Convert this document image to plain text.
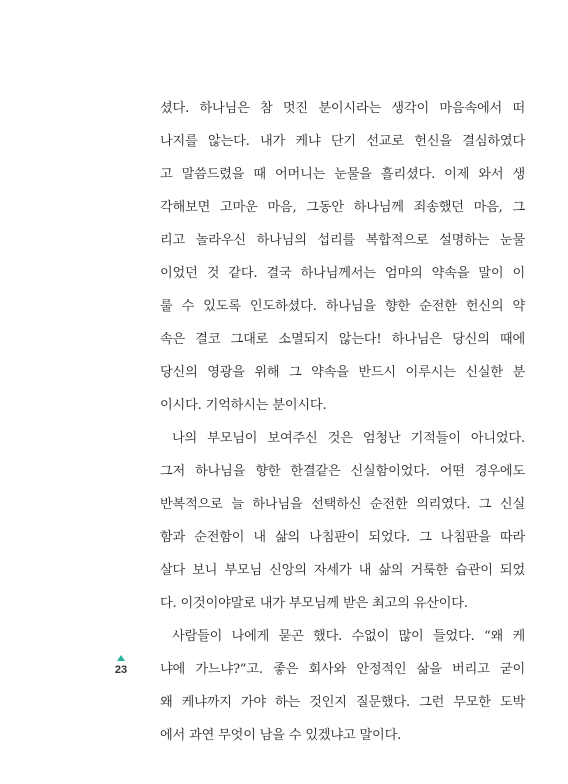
셨다. 하나님은 참 멋진 분이시라는 생각이 마음속에서 떠
나지를 않는다. 내가 케냐 단기 선교로 헌신을 결심하였다
고 말씀드렸을 때 어머니는 눈물을 흘리셨다. 이제 와서 생
각해보면 고마운 마음, 그동안 하나님께 죄송했던 마음, 그
리고 놀라우신 하나님의 섭리를 복합적으로 설명하는 눈물
이었던 것 같다. 결국 하나님께서는 엄마의 약속을 말이 이
룰 수 있도록 인도하셨다. 하나님을 향한 순전한 헌신의 약
속은 결코 그대로 소멸되지 않는다! 하나님은 당신의 때에
당신의 영광을 위해 그 약속을 반드시 이루시는 신실한 분
이시다. 기억하시는 분이시다.
나의 부모님이 보여주신 것은 엄청난 기적들이 아니었다.
그저 하나님을 향한 한결같은 신실함이었다. 어떤 경우에도
반복적으로 늘 하나님을 선택하신 순전한 의리였다. 그 신실
함과 순전함이 내 삶의 나침판이 되었다. 그 나침판을 따라
살다 보니 부모님 신앙의 자세가 내 삶의 거룩한 습관이 되었
다. 이것이야말로 내가 부모님께 받은 최고의 유산이다.
사람들이 나에게 묻곤 했다. 수없이 많이 들었다. “왜 케
냐에 가느냐?”고. 좋은 회사와 안정적인 삶을 버리고 굳이
왜 케냐까지 가야 하는 것인지 질문했다. 그런 무모한 도박
에서 과연 무엇이 남을 수 있겠냐고 말이다.
23
